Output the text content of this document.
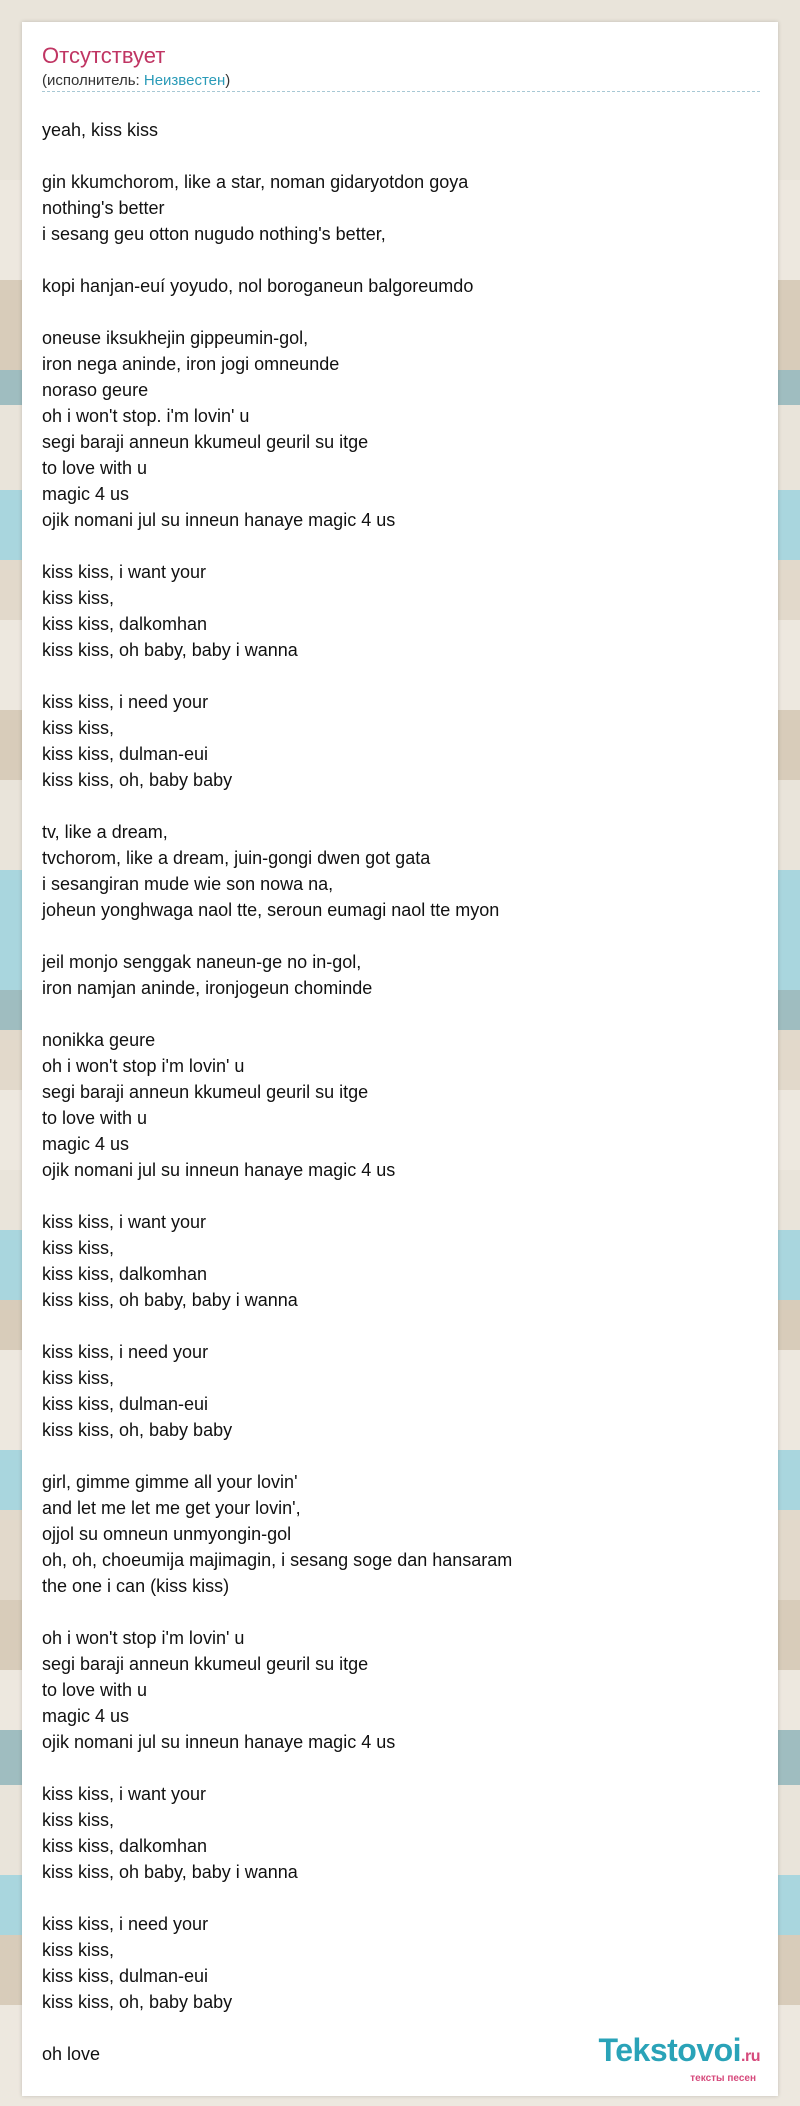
Отсутствует
(исполнитель: Неизвестен)
yeah, kiss kiss
gin kkumchorom, like a star, noman gidaryotdon goya
nothing's better
i sesang geu otton nugudo nothing's better,
kopi hanjan-euí yoyudo, nol boroganeun balgoreumdo
oneuse iksukhejin gippeumin-gol,
iron nega aninde, iron jogi omneunde
noraso geure
oh i won't stop. i'm lovin' u
segi baraji anneun kkumeul geuril su itge
to love with u
magic 4 us
ojik nomani jul su inneun hanaye magic 4 us
kiss kiss, i want your
kiss kiss,
kiss kiss, dalkomhan
kiss kiss, oh baby, baby i wanna
kiss kiss, i need your
kiss kiss,
kiss kiss, dulman-eui
kiss kiss, oh, baby baby
tv, like a dream,
tvchorom, like a dream, juin-gongi dwen got gata
i sesangiran mude wie son nowa na,
joheun yonghwaga naol tte, seroun eumagi naol tte myon
jeil monjo senggak naneun-ge no in-gol,
iron namjan aninde, ironjogeun chominde
nonikka geure
oh i won't stop i'm lovin' u
segi baraji anneun kkumeul geuril su itge
to love with u
magic 4 us
ojik nomani jul su inneun hanaye magic 4 us
kiss kiss, i want your
kiss kiss,
kiss kiss, dalkomhan
kiss kiss, oh baby, baby i wanna
kiss kiss, i need your
kiss kiss,
kiss kiss, dulman-eui
kiss kiss, oh, baby baby
girl, gimme gimme all your lovin'
and let me let me get your lovin',
ojjol su omneun unmyongin-gol
oh, oh, choeumija majimagin, i sesang soge dan hansaram
the one i can (kiss kiss)
oh i won't stop i'm lovin' u
segi baraji anneun kkumeul geuril su itge
to love with u
magic 4 us
ojik nomani jul su inneun hanaye magic 4 us
kiss kiss, i want your
kiss kiss,
kiss kiss, dalkomhan
kiss kiss, oh baby, baby i wanna
kiss kiss, i need your
kiss kiss,
kiss kiss, dulman-eui
kiss kiss, oh, baby baby
oh love	Tekstovoi.ru
тексты песен
